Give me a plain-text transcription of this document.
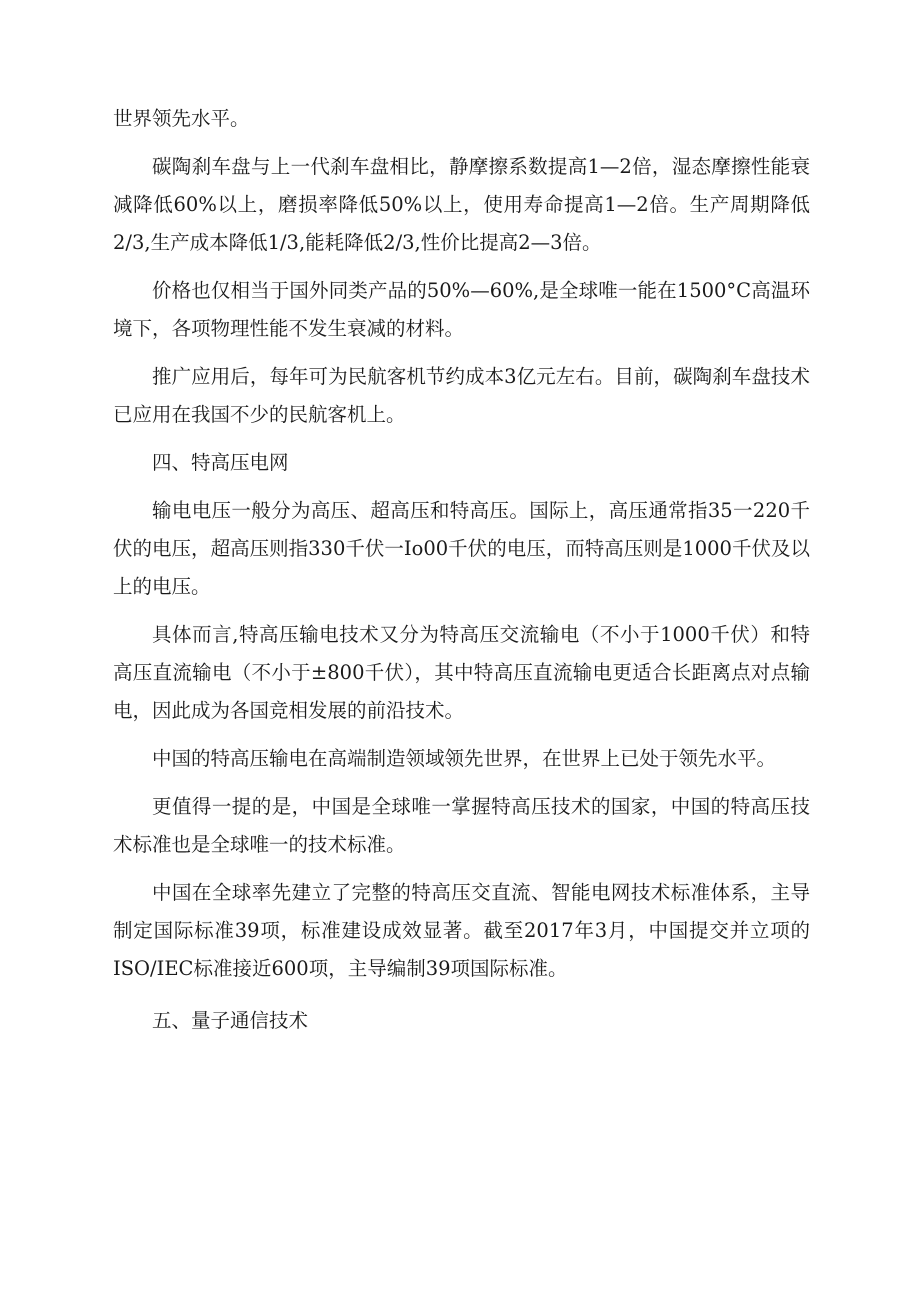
世界领先水平。

碳陶刹车盘与上一代刹车盘相比，静摩擦系数提高1—2倍，湿态摩擦性能衰减降低60%以上，磨损率降低50%以上，使用寿命提高1—2倍。生产周期降低2/3,生产成本降低1/3,能耗降低2/3,性价比提高2—3倍。

价格也仅相当于国外同类产品的50%—60%,是全球唯一能在1500°C高温环境下，各项物理性能不发生衰减的材料。

推广应用后，每年可为民航客机节约成本3亿元左右。目前，碳陶刹车盘技术已应用在我国不少的民航客机上。

四、特高压电网

输电电压一般分为高压、超高压和特高压。国际上，高压通常指35一220千伏的电压，超高压则指330千伏一Io00千伏的电压，而特高压则是1000千伏及以上的电压。

具体而言,特高压输电技术又分为特高压交流输电（不小于1000千伏）和特高压直流输电（不小于±800千伏），其中特高压直流输电更适合长距离点对点输电，因此成为各国竞相发展的前沿技术。

中国的特高压输电在高端制造领域领先世界，在世界上已处于领先水平。

更值得一提的是，中国是全球唯一掌握特高压技术的国家，中国的特高压技术标准也是全球唯一的技术标准。

中国在全球率先建立了完整的特高压交直流、智能电网技术标准体系，主导制定国际标准39项，标准建设成效显著。截至2017年3月，中国提交并立项的ISO/IEC标准接近600项，主导编制39项国际标准。

五、量子通信技术
